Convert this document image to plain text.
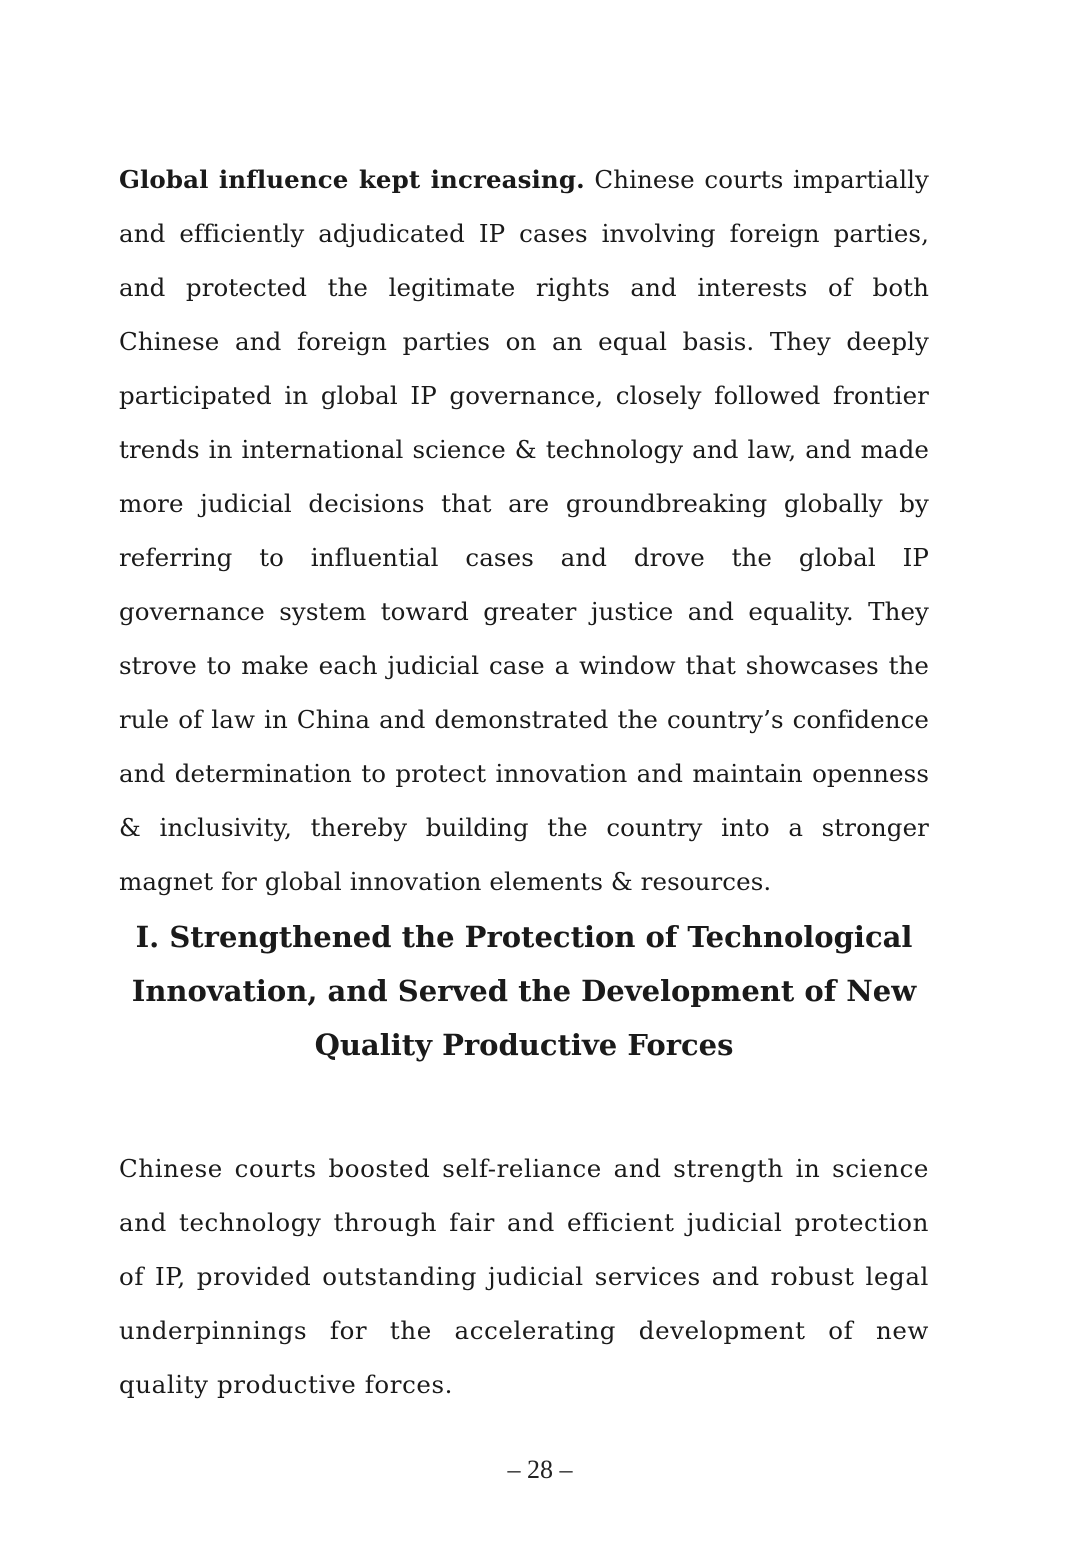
Global influence kept increasing. Chinese courts impartially and efficiently adjudicated IP cases involving foreign parties, and protected the legitimate rights and interests of both Chinese and foreign parties on an equal basis. They deeply participated in global IP governance, closely followed frontier trends in international science & technology and law, and made more judicial decisions that are groundbreaking globally by referring to influential cases and drove the global IP governance system toward greater justice and equality. They strove to make each judicial case a window that showcases the rule of law in China and demonstrated the country’s confidence and determination to protect innovation and maintain openness & inclusivity, thereby building the country into a stronger magnet for global innovation elements & resources.

I. Strengthened the Protection of Technological
Innovation, and Served the Development of New
Quality Productive Forces

Chinese courts boosted self-reliance and strength in science and technology through fair and efficient judicial protection of IP, provided outstanding judicial services and robust legal underpinnings for the accelerating development of new quality productive forces.

– 28 –
